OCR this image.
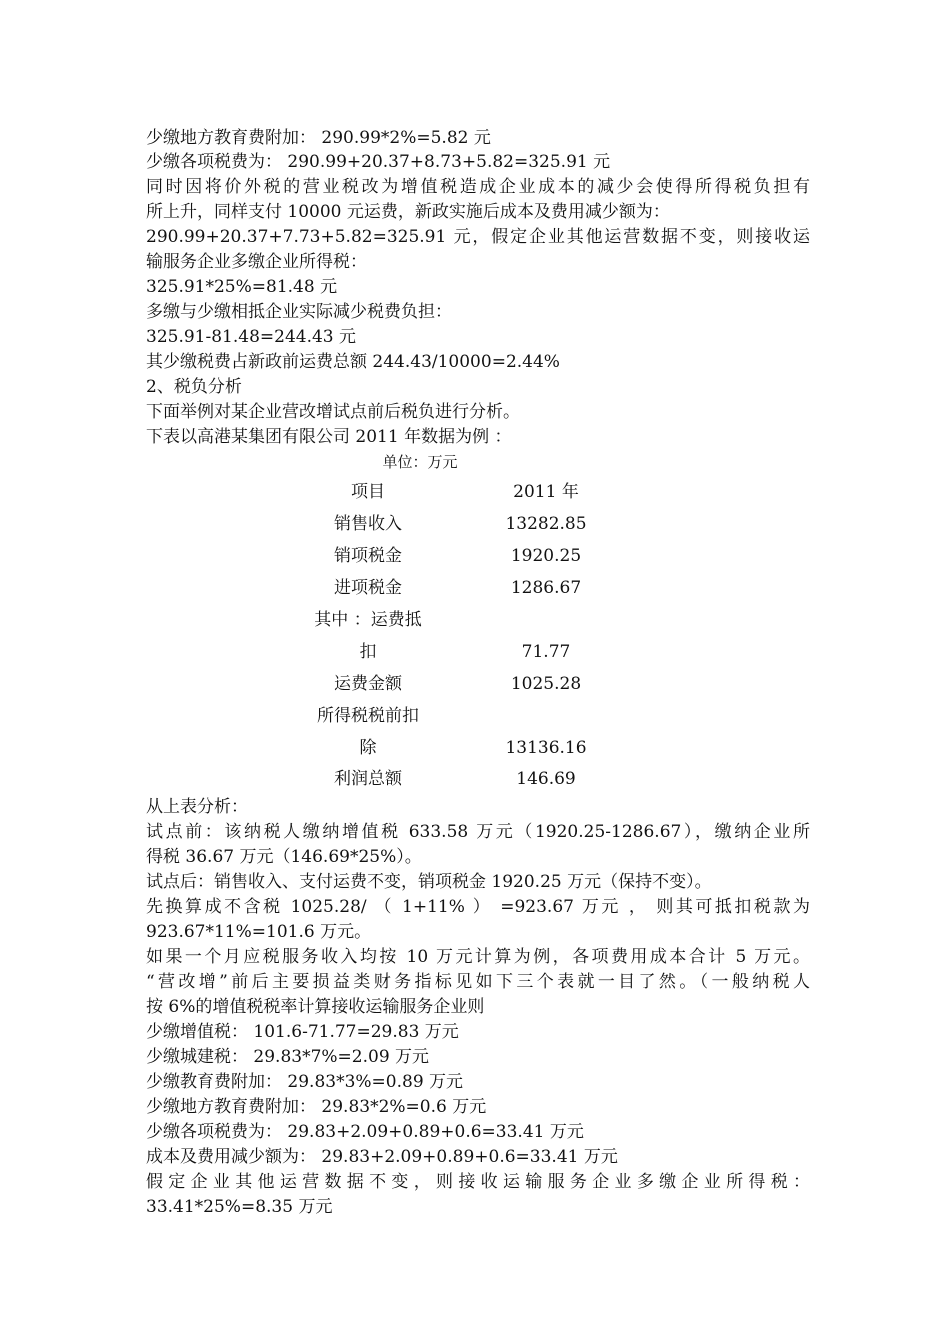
少缴地方教育费附加： 290.99*2%=5.82 元
少缴各项税费为： 290.99+20.37+8.73+5.82=325.91 元
同时因将价外税的营业税改为增值税造成企业成本的减少会使得所得税负担有
所上升，同样支付 10000 元运费，新政实施后成本及费用减少额为：
290.99+20.37+7.73+5.82=325.91 元，假定企业其他运营数据不变，则接收运
输服务企业多缴企业所得税：
325.91*25%=81.48 元
多缴与少缴相抵企业实际减少税费负担：
325.91-81.48=244.43 元
其少缴税费占新政前运费总额 244.43/10000=2.44%
2、税负分析
下面举例对某企业营改增试点前后税负进行分析。
下表以高港某集团有限公司 2011 年数据为例 ：
单位：万元
项目	2011 年
销售收入	13282.85
销项税金	1920.25
进项税金	1286.67
其中 ：运费抵
扣	71.77
运费金额	1025.28
所得税税前扣
除	13136.16
利润总额	146.69
从上表分析：
试点前：该纳税人缴纳增值税 633.58 万元（1920.25-1286.67），缴纳企业所
得税 36.67 万元（146.69*25%）。
试点后：销售收入、支付运费不变，销项税金 1920.25 万元（保持不变）。
先换算成不含税 1025.28/ （ 1+11% ） =923.67 万元 ， 则其可抵扣税款为
923.67*11%=101.6 万元。
如果一个月应税服务收入均按 10 万元计算为例，各项费用成本合计 5 万元。
“营改增”前后主要损益类财务指标见如下三个表就一目了然。（一般纳税人
按 6%的增值税税率计算接收运输服务企业则
少缴增值税： 101.6-71.77=29.83 万元
少缴城建税： 29.83*7%=2.09 万元
少缴教育费附加： 29.83*3%=0.89 万元
少缴地方教育费附加： 29.83*2%=0.6 万元
少缴各项税费为： 29.83+2.09+0.89+0.6=33.41 万元
成本及费用减少额为： 29.83+2.09+0.89+0.6=33.41 万元
假定企业其他运营数据不变，则接收运输服务企业多缴企业所得税：
33.41*25%=8.35 万元
